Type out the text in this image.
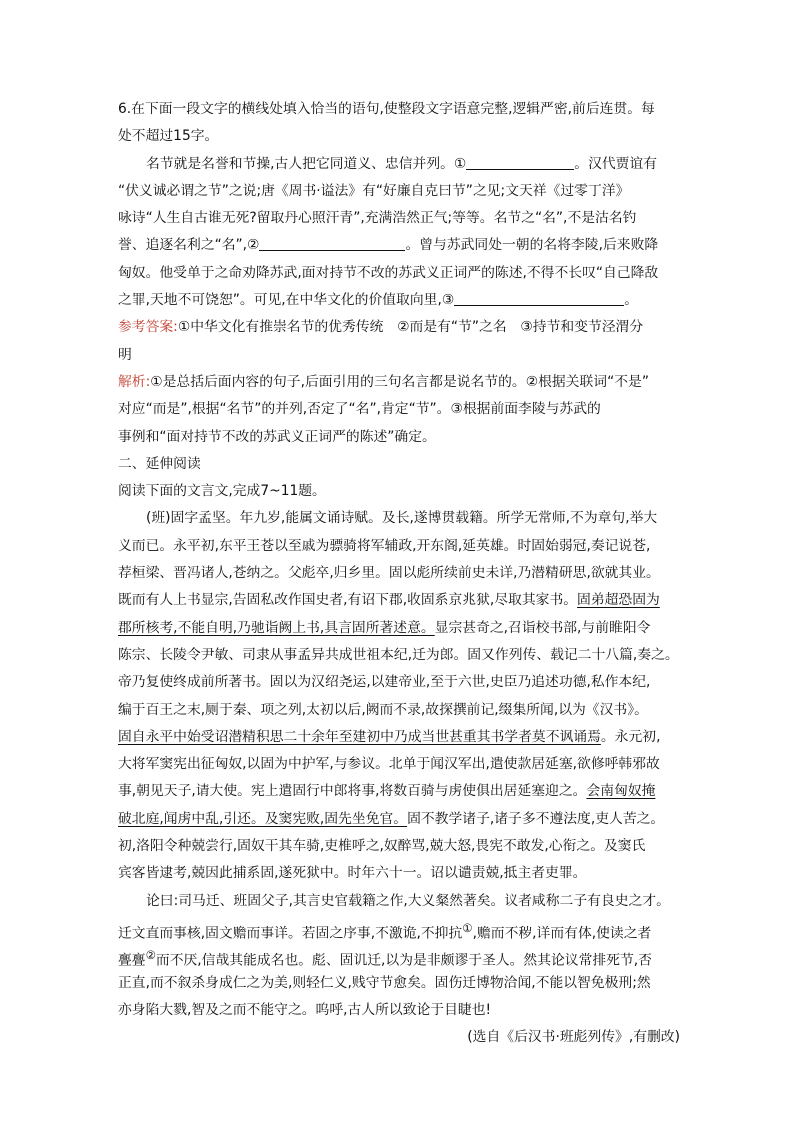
6.在下面一段文字的横线处填入恰当的语句,使整段文字语意完整,逻辑严密,前后连贯。每
处不超过15字。
名节就是名誉和节操,古人把它同道义、忠信并列。①	。汉代贾谊有
“伏义诚必谓之节”之说;唐《周书·谥法》有“好廉自克曰节”之见;文天祥《过零丁洋》
咏诗“人生自古谁无死?留取丹心照汗青”,充满浩然正气;等等。名节之“名”,不是沽名钓
誉、追逐名利之“名”,②	。曾与苏武同处一朝的名将李陵,后来败降
匈奴。他受单于之命劝降苏武,面对持节不改的苏武义正词严的陈述,不得不长叹“自己降敌
之罪,天地不可饶恕”。可见,在中华文化的价值取向里,③	。
参考答案:①中华文化有推崇名节的优秀传统　②而是有“节”之名　③持节和变节泾渭分
明
解析:①是总括后面内容的句子,后面引用的三句名言都是说名节的。②根据关联词“不是”
对应“而是”,根据“名节”的并列,否定了“名”,肯定“节”。③根据前面李陵与苏武的
事例和“面对持节不改的苏武义正词严的陈述”确定。
二、延伸阅读
阅读下面的文言文,完成7~11题。
(班)固字孟坚。年九岁,能属文诵诗赋。及长,遂博贯载籍。所学无常师,不为章句,举大
义而已。永平初,东平王苍以至戚为骠骑将军辅政,开东阁,延英雄。时固始弱冠,奏记说苍,
荐桓梁、晋冯诸人,苍纳之。父彪卒,归乡里。固以彪所续前史未详,乃潜精研思,欲就其业。
既而有人上书显宗,告固私改作国史者,有诏下郡,收固系京兆狱,尽取其家书。固弟超恐固为
郡所核考,不能自明,乃驰诣阙上书,具言固所著述意。显宗甚奇之,召诣校书部,与前睢阳令
陈宗、长陵令尹敏、司隶从事孟异共成世祖本纪,迁为郎。固又作列传、载记二十八篇,奏之。
帝乃复使终成前所著书。固以为汉绍尧运,以建帝业,至于六世,史臣乃追述功德,私作本纪,
编于百王之末,厕于秦、项之列,太初以后,阙而不录,故探撰前记,缀集所闻,以为《汉书》。
固自永平中始受诏潜精积思二十余年至建初中乃成当世甚重其书学者莫不讽诵焉。永元初,
大将军窦宪出征匈奴,以固为中护军,与参议。北单于闻汉军出,遣使款居延塞,欲修呼韩邪故
事,朝见天子,请大使。宪上遣固行中郎将事,将数百骑与虏使俱出居延塞迎之。会南匈奴掩
破北庭,闻虏中乱,引还。及窦宪败,固先坐免官。固不教学诸子,诸子多不遵法度,吏人苦之。
初,洛阳令种兢尝行,固奴干其车骑,吏椎呼之,奴醉骂,兢大怒,畏宪不敢发,心衔之。及窦氏
宾客皆逮考,兢因此捕系固,遂死狱中。时年六十一。诏以谴责兢,抵主者吏罪。
论曰:司马迁、班固父子,其言史官载籍之作,大义粲然著矣。议者咸称二子有良史之才。
迁文直而事核,固文赡而事详。若固之序事,不激诡,不抑抗①,赡而不秽,详而有体,使读之者
亹亹②而不厌,信哉其能成名也。彪、固讥迁,以为是非颇谬于圣人。然其论议常排死节,否
正直,而不叙杀身成仁之为美,则轻仁义,贱守节愈矣。固伤迁博物洽闻,不能以智免极刑;然
亦身陷大戮,智及之而不能守之。呜呼,古人所以致论于目睫也!
(选自《后汉书·班彪列传》,有删改)
